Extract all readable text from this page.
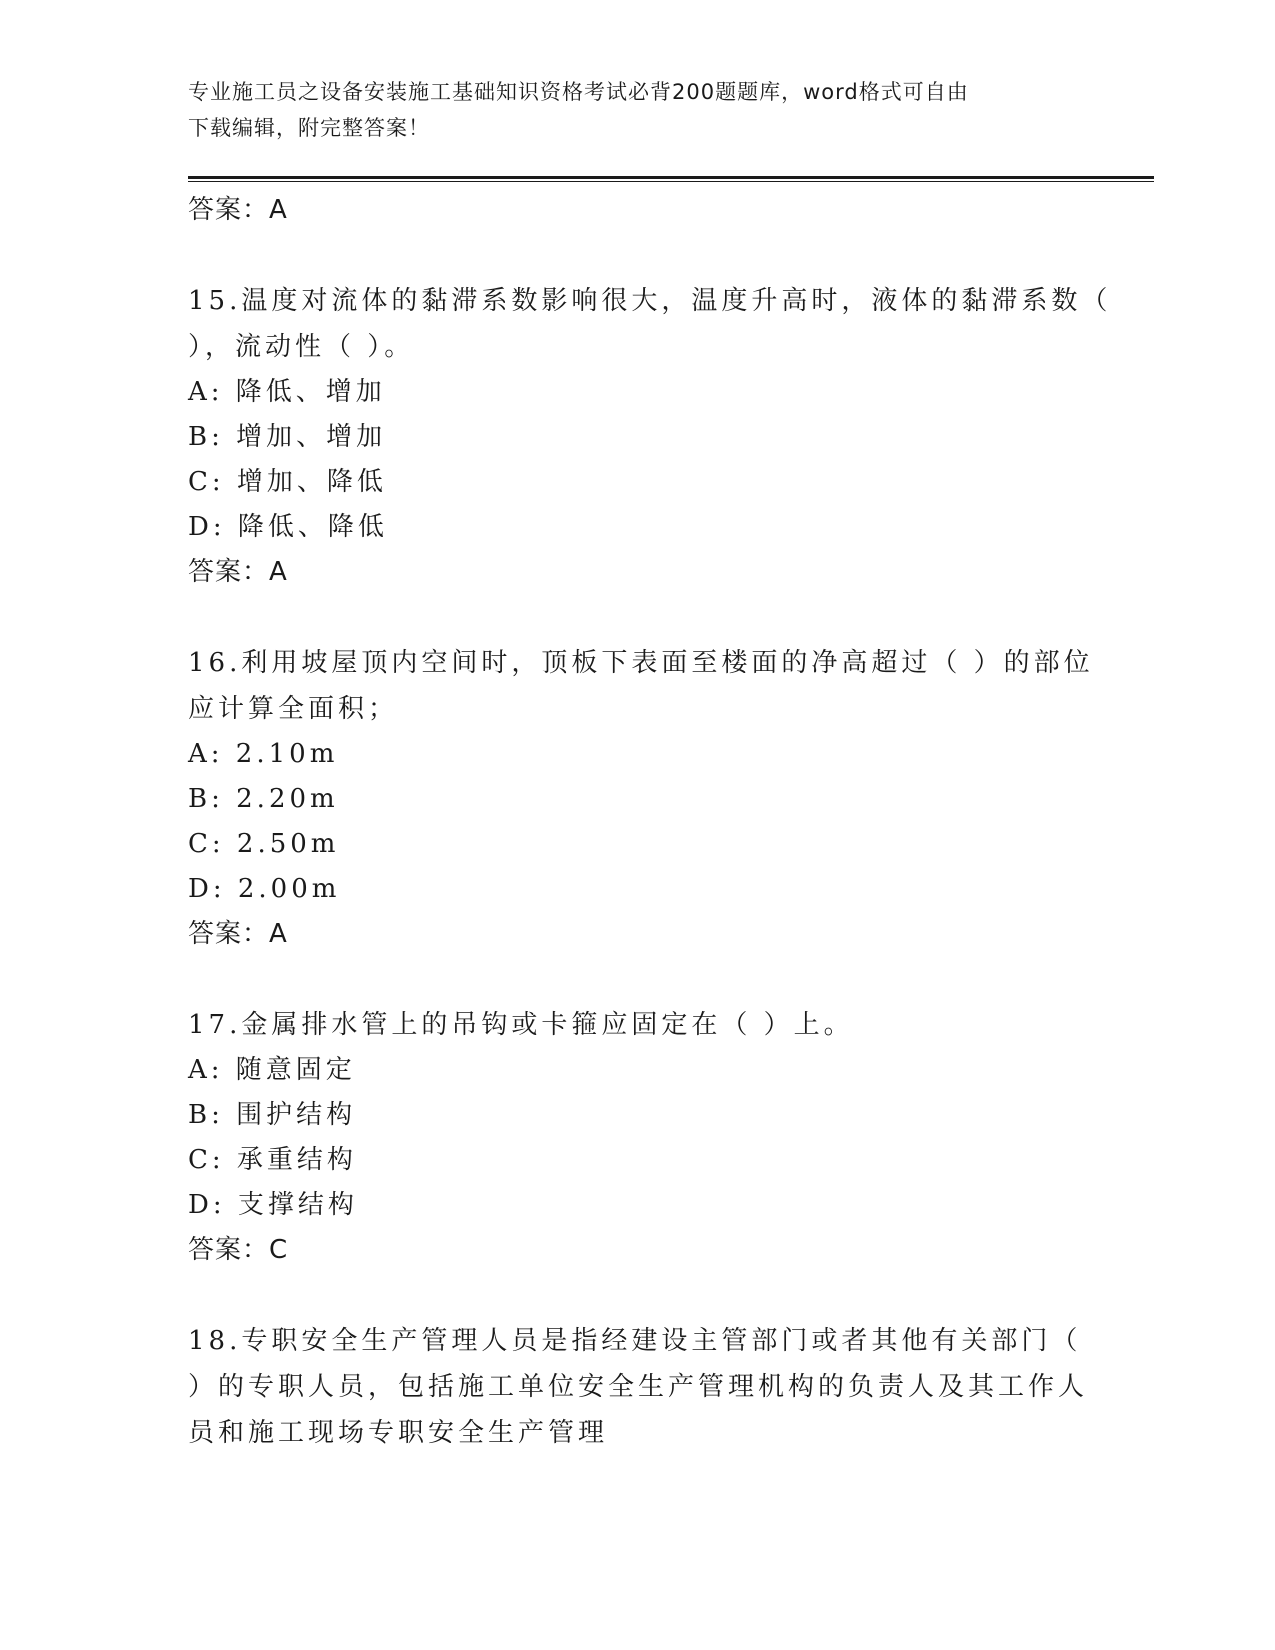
专业施工员之设备安装施工基础知识资格考试必背200题题库，word格式可自由
下载编辑，附完整答案！
答案：A
15.温度对流体的黏滞系数影响很大，温度升高时，液体的黏滞系数（
），流动性（ ）。
A: 降低、增加
B: 增加、增加
C: 增加、降低
D: 降低、降低
答案：A
16.利用坡屋顶内空间时，顶板下表面至楼面的净高超过（ ）的部位
应计算全面积；
A: 2.10m
B: 2.20m
C: 2.50m
D: 2.00m
答案：A
17.金属排水管上的吊钩或卡箍应固定在（ ）上。
A: 随意固定
B: 围护结构
C: 承重结构
D: 支撑结构
答案：C
18.专职安全生产管理人员是指经建设主管部门或者其他有关部门（
）的专职人员，包括施工单位安全生产管理机构的负责人及其工作人
员和施工现场专职安全生产管理
